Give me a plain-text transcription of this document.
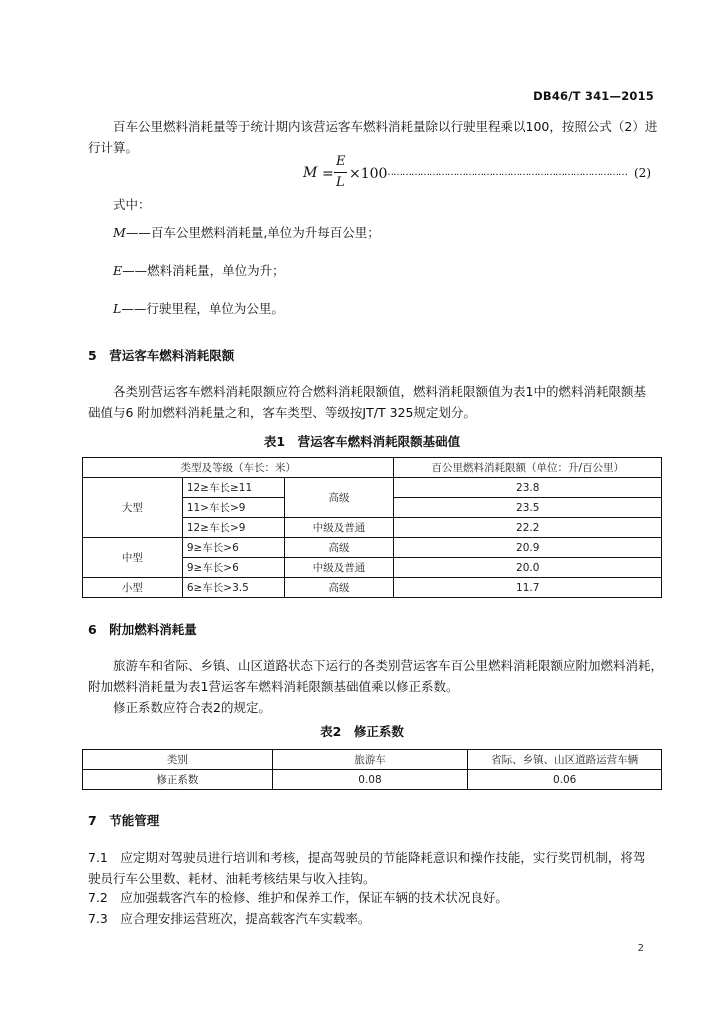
DB46/T 341—2015
百车公里燃料消耗量等于统计期内该营运客车燃料消耗量除以行驶里程乘以100，按照公式（2）进
行计算。
M =
E
L
×100
……………………………………………………………………… (2)
式中：
M——百车公里燃料消耗量,单位为升每百公里；
E——燃料消耗量，单位为升；
L——行驶里程，单位为公里。
5　营运客车燃料消耗限额
各类别营运客车燃料消耗限额应符合燃料消耗限额值，燃料消耗限额值为表1中的燃料消耗限额基
础值与6 附加燃料消耗量之和，客车类型、等级按JT/T 325规定划分。
表1　营运客车燃料消耗限额基础值
类型及等级（车长：米）			百公里燃料消耗限额（单位：升/百公里）
大型	12≥车长≥11	高级	23.8
	11>车长>9		23.5
	12≥车长>9	中级及普通	22.2
中型	9≥车长>6	高级	20.9
	9≥车长>6	中级及普通	20.0
小型	6≥车长>3.5	高级	11.7
6　附加燃料消耗量
旅游车和省际、乡镇、山区道路状态下运行的各类别营运客车百公里燃料消耗限额应附加燃料消耗，
附加燃料消耗量为表1营运客车燃料消耗限额基础值乘以修正系数。
修正系数应符合表2的规定。
表2　修正系数
类别	旅游车	省际、乡镇、山区道路运营车辆
修正系数	0.08	0.06
7　节能管理
7.1　 应定期对驾驶员进行培训和考核，提高驾驶员的节能降耗意识和操作技能，实行奖罚机制，将驾
驶员行车公里数、耗材、油耗考核结果与收入挂钩。
7.2　 应加强载客汽车的检修、维护和保养工作，保证车辆的技术状况良好。
7.3　 应合理安排运营班次，提高载客汽车实载率。
2
